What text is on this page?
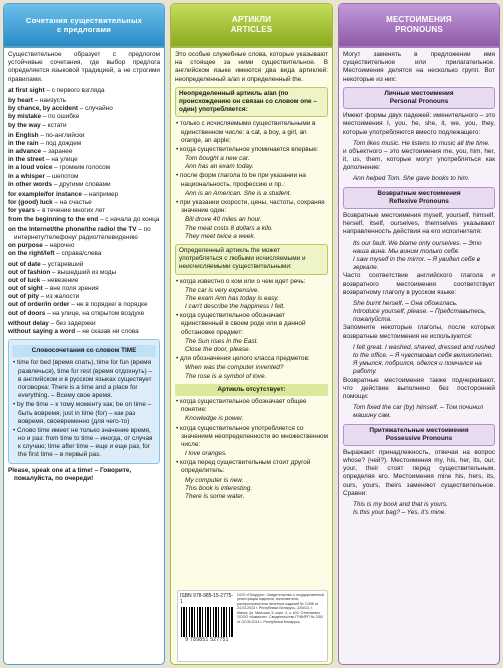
Сочетания существительных
с предлогами

Существительное образует с предлогом устойчивые сочетания, где выбор предлога определяется языковой традицией, а не строгими правилами.

at first sight – с первого взгляда

by heart – наизусть

by chance, by accident – случайно

by mistake – по ошибке

by the way – кстати

in English – по-английски

in the rain – под дождем

in advance – заранее

in the street – на улице

in a loud voice – громким голосом

in a whisper – шепотом

in other words – другими словами

for example/for instance – например

for (good) luck – на счастье

for years – в течение многих лет

from the beginning to the end – с начала до конца

on the Internet/the phone/the radio/ the TV – по интернету/телефону/ радио/телевидению

on purpose – нарочно

on the right/left – справа/слева

out of date – устаревший

out of fashion – вышедший из моды

out of luck – невезение

out of sight – вне поля зрения

out of pity – из жалости

out of order/in order – не в порядке/ в порядке

out of doors – на улице, на открытом воздухе

without delay – без задержки

without saying a word – не сказав ни слова

Словосочетания со словом TIME
• time for bed (время спать), time for fun (время развлечься), time for rest (время отдохнуть) – в английском и в русском языках существует поговорка: There is a time and a place for everything. – Всему свое время.
• by the time – к тому моменту как; be on time – быть вовремя; just in time (for) – как раз вовремя, своевременно (для чего-то)
• Слово time имеет не только значение время, но и раз: from time to time – иногда, от случая к случаю; time after time – еще и еще раз, for the first time – в первый раз.

Please, speak one at a time! – Говорите, пожалуйста, по очереди!

АРТИКЛИ
ARTICLES

Это особые служебные слова, которые указывают на стоящее за ними существительное. В английском языке имеются два вида артиклей: неопределенный a/an и определенный the.

Неопределенный артикль a/an (по происхождению он связан со словом one – один) употребляется:
• только с исчисляемыми существительными в единственном числе: a cat, a boy, a girl, an orange, an apple;
• когда существительное упоминается впервые:

Tom bought a new car.

Ann has an exam today.

• после форм глагола to be при указании на национальность, профессию и пр.:

Ann is an American. She is a student.

• при указании скорости, цены, частоты, сохраняя значение один:

Bill drove 40 miles an hour.

The meat costs 8 dollars a kilo.

They meet twice a week.

Определенный артикль the может употребляться с любыми исчисляемыми и неисчисляемыми существительными:
• когда известно о ком или о чем идет речь:

The car is very expensive.

The exam Ann has today is easy.

I can't describe the happiness I felt.

• когда существительное обозначает единственный в своем роде или в данной обстановке предмет:

The Sun rises in the East.

Close the door, please.

• для обозначения целого класса предметов:

When was the computer invented?

The rose is a symbol of love.

Артикль отсутствует:
• когда существительное обозначает общее понятие:

Knowledge is power.

• когда существительное употребляется со значением неопределенности во множественном числе:

I love oranges.

• когда перед существительным стоит другой определитель:

My computer is new.

This book is interesting.

There is some water.

ISBN 978-985-15-2775-1
9 789851 527751
ООО «Попурри». Свидетельство о государственной регистрации издателя, изготовителя, распространителя печатных изданий № 1/396 от 24.03.2014 г. Республика Беларусь, 220013, г. Минск, ул. Минская, 5, корп. 2, к. 403. Отпечатано ОООО «Аквилон». Свидетельство ГРИИРП № 2/50 от 02.05.2014 г. Республика Беларусь.
МЕСТОИМЕНИЯ
PRONOUNS

Могут заменять в предложении имя существительное или прилагательное. Местоимения делятся на несколько групп. Вот некоторые из них:

Личные местоимения
Personal Pronouns

Имеют формы двух падежей: именительного – это местоимения I, you, he, she, it, we, you, they, которые употребляются вместо подлежащего:

Tom likes music. He listens to music all the time.

и объектного – это местоимения me, you, him, her, it, us, them, которые могут употребляться как дополнение:

Ann helped Tom. She gave books to him.

Возвратные местоимения
Reflexive Pronouns

Возвратные местоимения myself, yourself, himself, herself, itself, ourselves, themselves указывают направленность действия на его исполнителя:

Its our fault. We blame only ourselves. – Это наша вина. Мы виним только себя.

I saw myself in the mirror. – Я увидел себя в зеркале.

Часто соответствие английского глагола и возвратного местоимения соответствует возвратному глаголу в русском языке:

She burnt herself. – Она обожглась.

Introduce yourself, please. – Представьтесь, пожалуйста.

Запомните некоторые глаголы, после которых возвратные местоимения не используются:

I felt great. I washed, shaved, dressed and rushed to the office. – Я чувствовал себя великолепно. Я умылся, побрился, оделся и помчался на работу.

Возвратные местоимения также подчеркивают, что действие выполнено без посторонней помощи:

Tom fixed the car (by) himself. – Том починил машину сам.

Притяжательные местоимения
Possessive Pronouns

Выражают принадлежность, отвечая на вопрос whose? (чей?). Местоимения my, his, her, its, our, your, their стоят перед существительным, определяя его. Местоимения mine his, hers, its, ours, yours, theirs заменяют существительное. Сравни:

This is my book and that is yours.

Is this your bag? – Yes, it's mine.
